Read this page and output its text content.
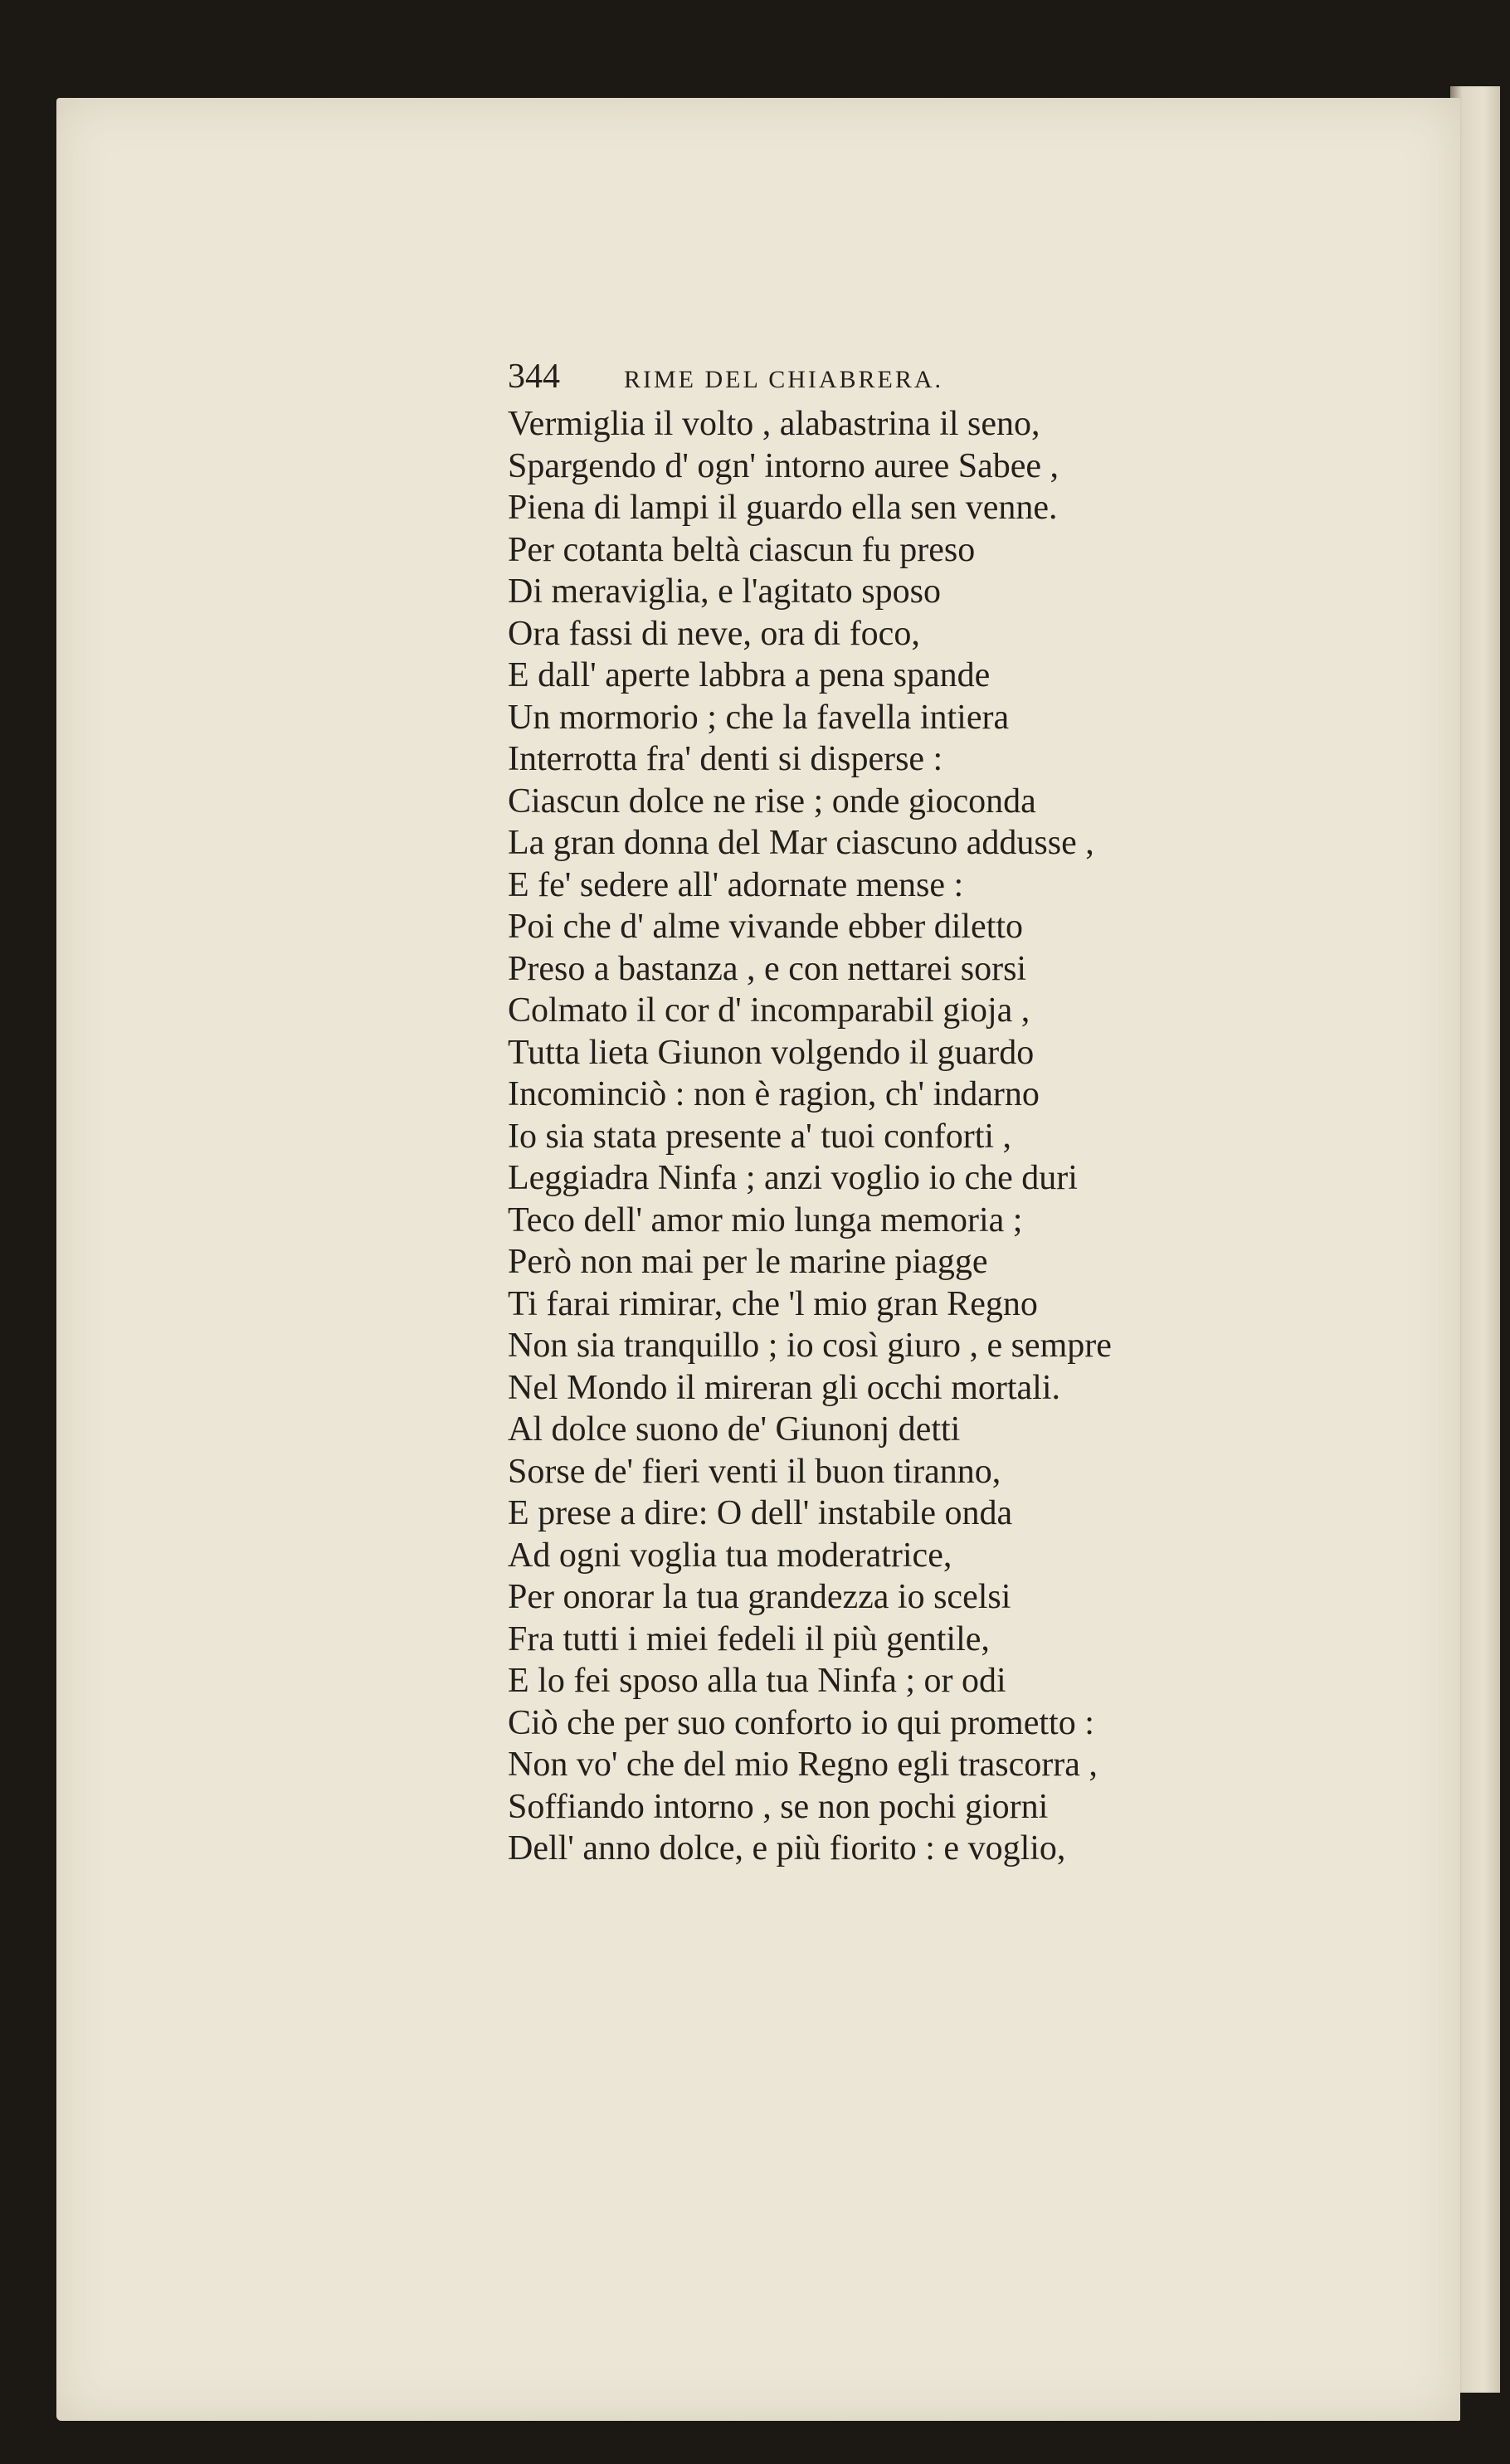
344	RIME DEL CHIABRERA.
Vermiglia il volto , alabastrina il seno,
Spargendo d' ogn' intorno auree Sabee ,
Piena di lampi il guardo ella sen venne.
Per cotanta beltà ciascun fu preso
Di meraviglia, e l'agitato sposo
Ora fassi di neve, ora di foco,
E dall' aperte labbra a pena spande
Un mormorio ; che la favella intiera
Interrotta fra' denti si disperse :
Ciascun dolce ne rise ; onde gioconda
La gran donna del Mar ciascuno addusse ,
E fe' sedere all' adornate mense :
Poi che d' alme vivande ebber diletto
Preso a bastanza , e con nettarei sorsi
Colmato il cor d' incomparabil gioja ,
Tutta lieta Giunon volgendo il guardo
Incominciò : non è ragion, ch' indarno
Io sia stata presente a' tuoi conforti ,
Leggiadra Ninfa ; anzi voglio io che duri
Teco dell' amor mio lunga memoria ;
Però non mai per le marine piagge
Ti farai rimirar, che 'l mio gran Regno
Non sia tranquillo ; io così giuro , e sempre
Nel Mondo il mireran gli occhi mortali.
Al dolce suono de' Giunonj detti
Sorse de' fieri venti il buon tiranno,
E prese a dire: O dell' instabile onda
Ad ogni voglia tua moderatrice,
Per onorar la tua grandezza io scelsi
Fra tutti i miei fedeli il più gentile,
E lo fei sposo alla tua Ninfa ; or odi
Ciò che per suo conforto io qui prometto :
Non vo' che del mio Regno egli trascorra ,
Soffiando intorno , se non pochi giorni
Dell' anno dolce, e più fiorito : e voglio,
